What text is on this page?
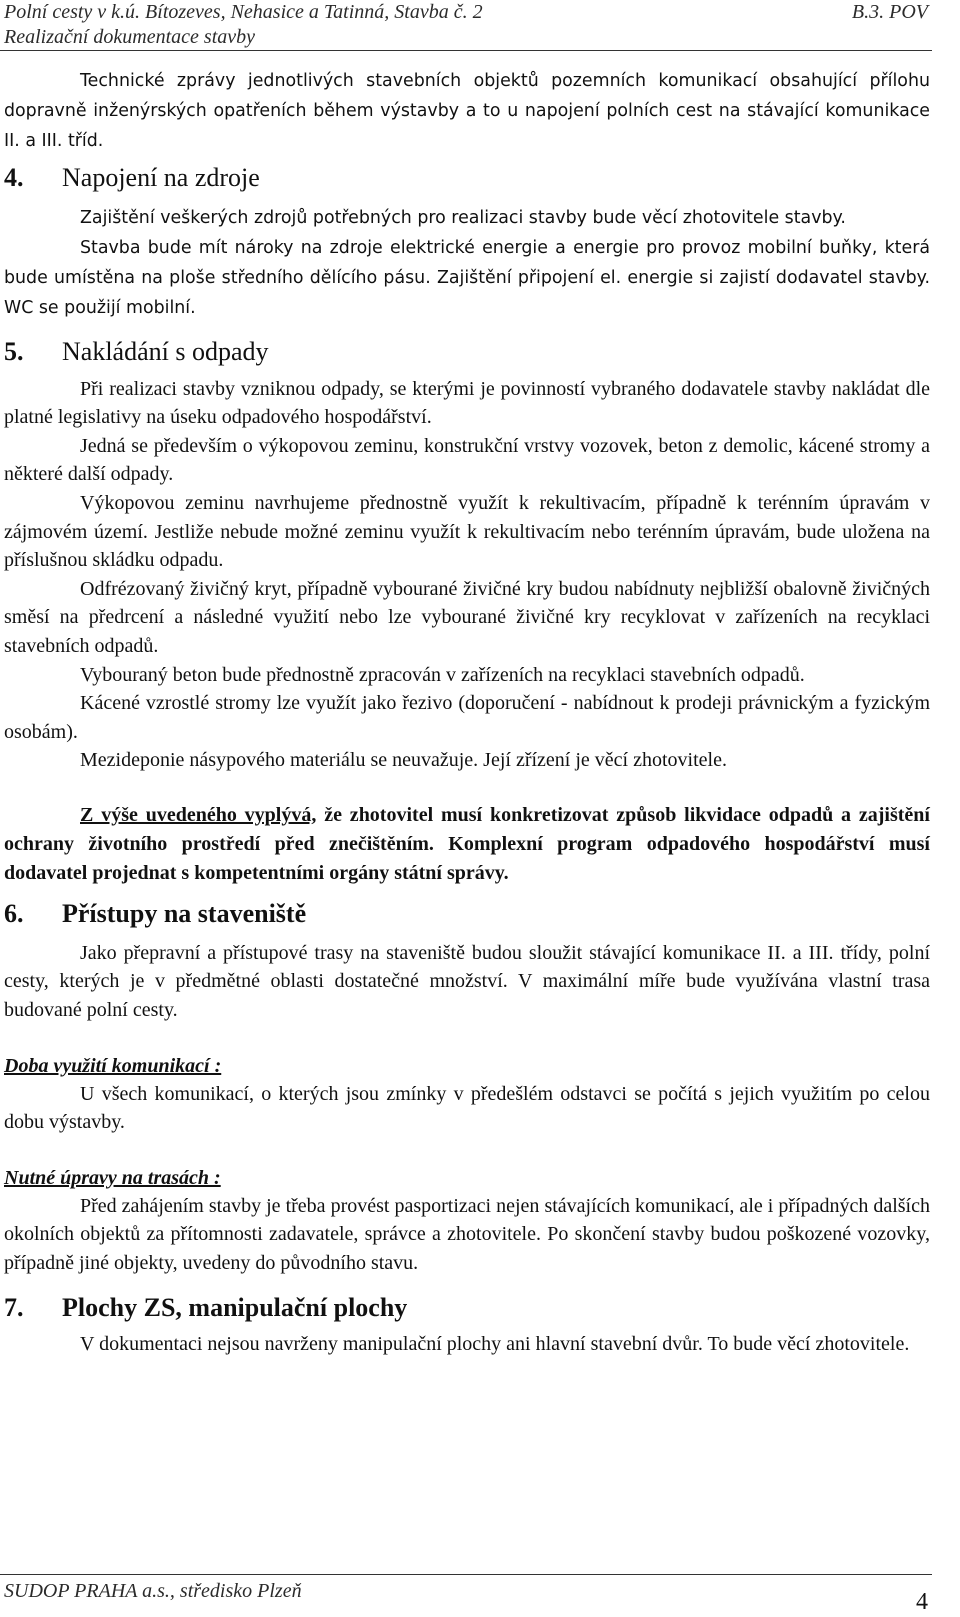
Polní cesty v k.ú. Bítozeves, Nehasice a Tatinná, Stavba č. 2	B.3. POV
Realizační dokumentace stavby

Technické zprávy jednotlivých stavebních objektů pozemních komunikací obsahující přílohu dopravně inženýrských opatřeních během výstavby a to u napojení polních cest na stávající komunikace II. a III. tříd.

4.	Napojení na zdroje

Zajištění veškerých zdrojů potřebných pro realizaci stavby bude věcí zhotovitele stavby.

Stavba bude mít nároky na zdroje elektrické energie a energie pro provoz mobilní buňky, která bude umístěna na ploše středního dělícího pásu. Zajištění připojení el. energie si zajistí dodavatel stavby. WC se použijí mobilní.

5.	Nakládání s odpady

Při realizaci stavby vzniknou odpady, se kterými je povinností vybraného dodavatele stavby nakládat dle platné legislativy na úseku odpadového hospodářství.

Jedná se především o výkopovou zeminu, konstrukční vrstvy vozovek, beton z demolic, kácené stromy a některé další odpady.

Výkopovou zeminu navrhujeme přednostně využít k rekultivacím, případně k terénním úpravám v zájmovém území. Jestliže nebude možné zeminu využít k rekultivacím nebo terénním úpravám, bude uložena na příslušnou skládku odpadu.

Odfrézovaný živičný kryt, případně vybourané živičné kry budou nabídnuty nejbližší obalovně živičných směsí na předrcení a následné využití nebo lze vybourané živičné kry recyklovat v zařízeních na recyklaci stavebních odpadů.

Vybouraný beton bude přednostně zpracován v zařízeních na recyklaci stavebních odpadů.

Kácené vzrostlé stromy lze využít jako řezivo (doporučení - nabídnout k prodeji právnickým a fyzickým osobám).

Mezideponie násypového materiálu se neuvažuje. Její zřízení je věcí zhotovitele.

Z výše uvedeného vyplývá, že zhotovitel musí konkretizovat způsob likvidace odpadů a zajištění ochrany životního prostředí před znečištěním. Komplexní program odpadového hospodářství musí dodavatel projednat s kompetentními orgány státní správy.

6.	Přístupy na staveniště

Jako přepravní a přístupové trasy na staveniště budou sloužit stávající komunikace II. a III. třídy, polní cesty, kterých je v předmětné oblasti dostatečné množství. V maximální míře bude využívána vlastní trasa budované polní cesty.

Doba využití komunikací :

U všech komunikací, o kterých jsou zmínky v předešlém odstavci se počítá s jejich využitím po celou dobu výstavby.

Nutné úpravy na trasách :

Před zahájením stavby je třeba provést pasportizaci nejen stávajících komunikací, ale i případných dalších okolních objektů za přítomnosti zadavatele, správce a zhotovitele. Po skončení stavby budou poškozené vozovky, případně jiné objekty, uvedeny do původního stavu.

7.	Plochy ZS, manipulační plochy

V dokumentaci nejsou navrženy manipulační plochy ani hlavní stavební dvůr. To bude věcí zhotovitele.

SUDOP PRAHA a.s., středisko Plzeň	4
